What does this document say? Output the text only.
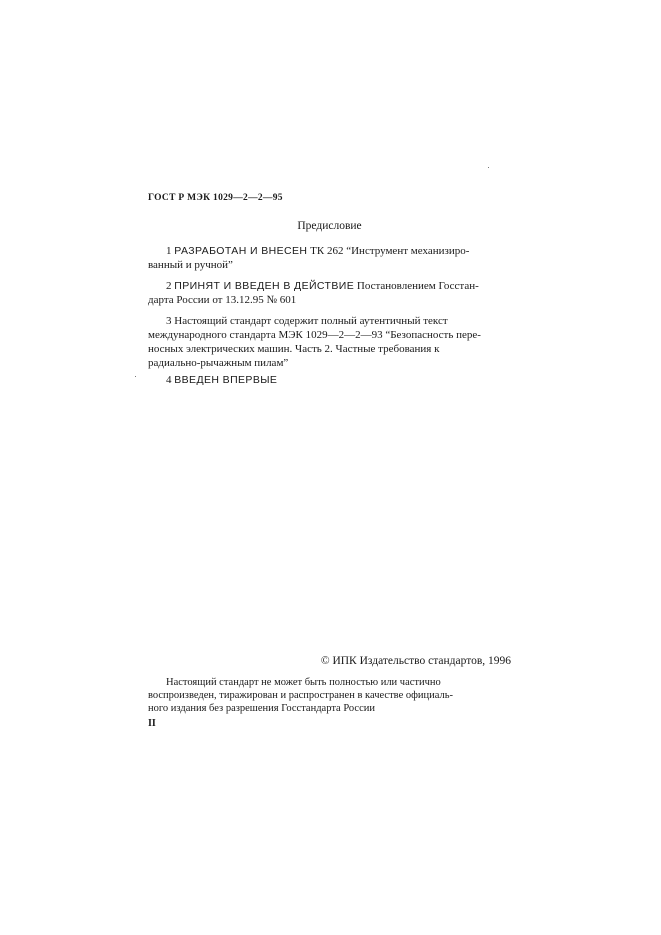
ГОСТ Р МЭК 1029—2—2—95
Предисловие
1 РАЗРАБОТАН И ВНЕСЕН ТК 262 “Инструмент механизиро-
ванный и ручной”
2 ПРИНЯТ И ВВЕДЕН В ДЕЙСТВИЕ Постановлением Госстан-
дарта России от 13.12.95 № 601
3 Настоящий стандарт содержит полный аутентичный текст
международного стандарта МЭК 1029—2—2—93 “Безопасность пере-
носных электрических машин. Часть 2. Частные требования к
радиально-рычажным пилам”
4 ВВЕДЕН ВПЕРВЫЕ
© ИПК Издательство стандартов, 1996
Настоящий стандарт не может быть полностью или частично
воспроизведен, тиражирован и распространен в качестве официаль-
ного издания без разрешения Госстандарта России
II
